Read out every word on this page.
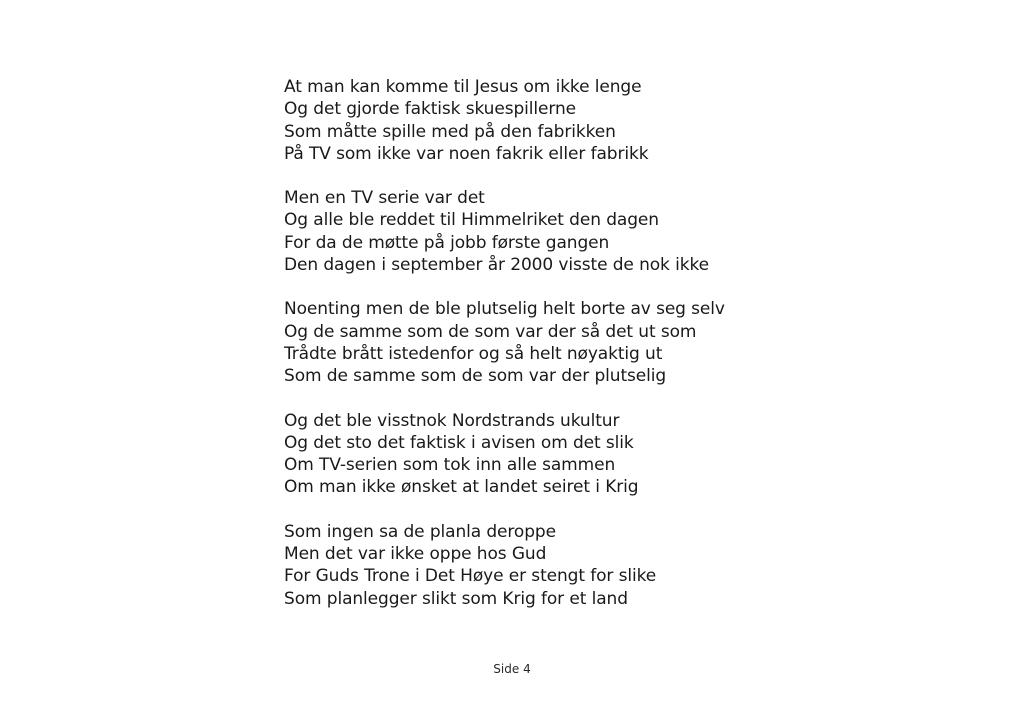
At man kan komme til Jesus om ikke lenge
Og det gjorde faktisk skuespillerne
Som måtte spille med på den fabrikken
På TV som ikke var noen fakrik eller fabrikk
Men en TV serie var det
Og alle ble reddet til Himmelriket den dagen
For da de møtte på jobb første gangen
Den dagen i september år 2000 visste de nok ikke
Noenting men de ble plutselig helt borte av seg selv
Og de samme som de som var der så det ut som
Trådte brått istedenfor og så helt nøyaktig ut
Som de samme som de som var der plutselig
Og det ble visstnok Nordstrands ukultur
Og det sto det faktisk i avisen om det slik
Om TV-serien som tok inn alle sammen
Om man ikke ønsket at landet seiret i Krig
Som ingen sa de planla deroppe
Men det var ikke oppe hos Gud
For Guds Trone i Det Høye er stengt for slike
Som planlegger slikt som Krig for et land
Side 4
